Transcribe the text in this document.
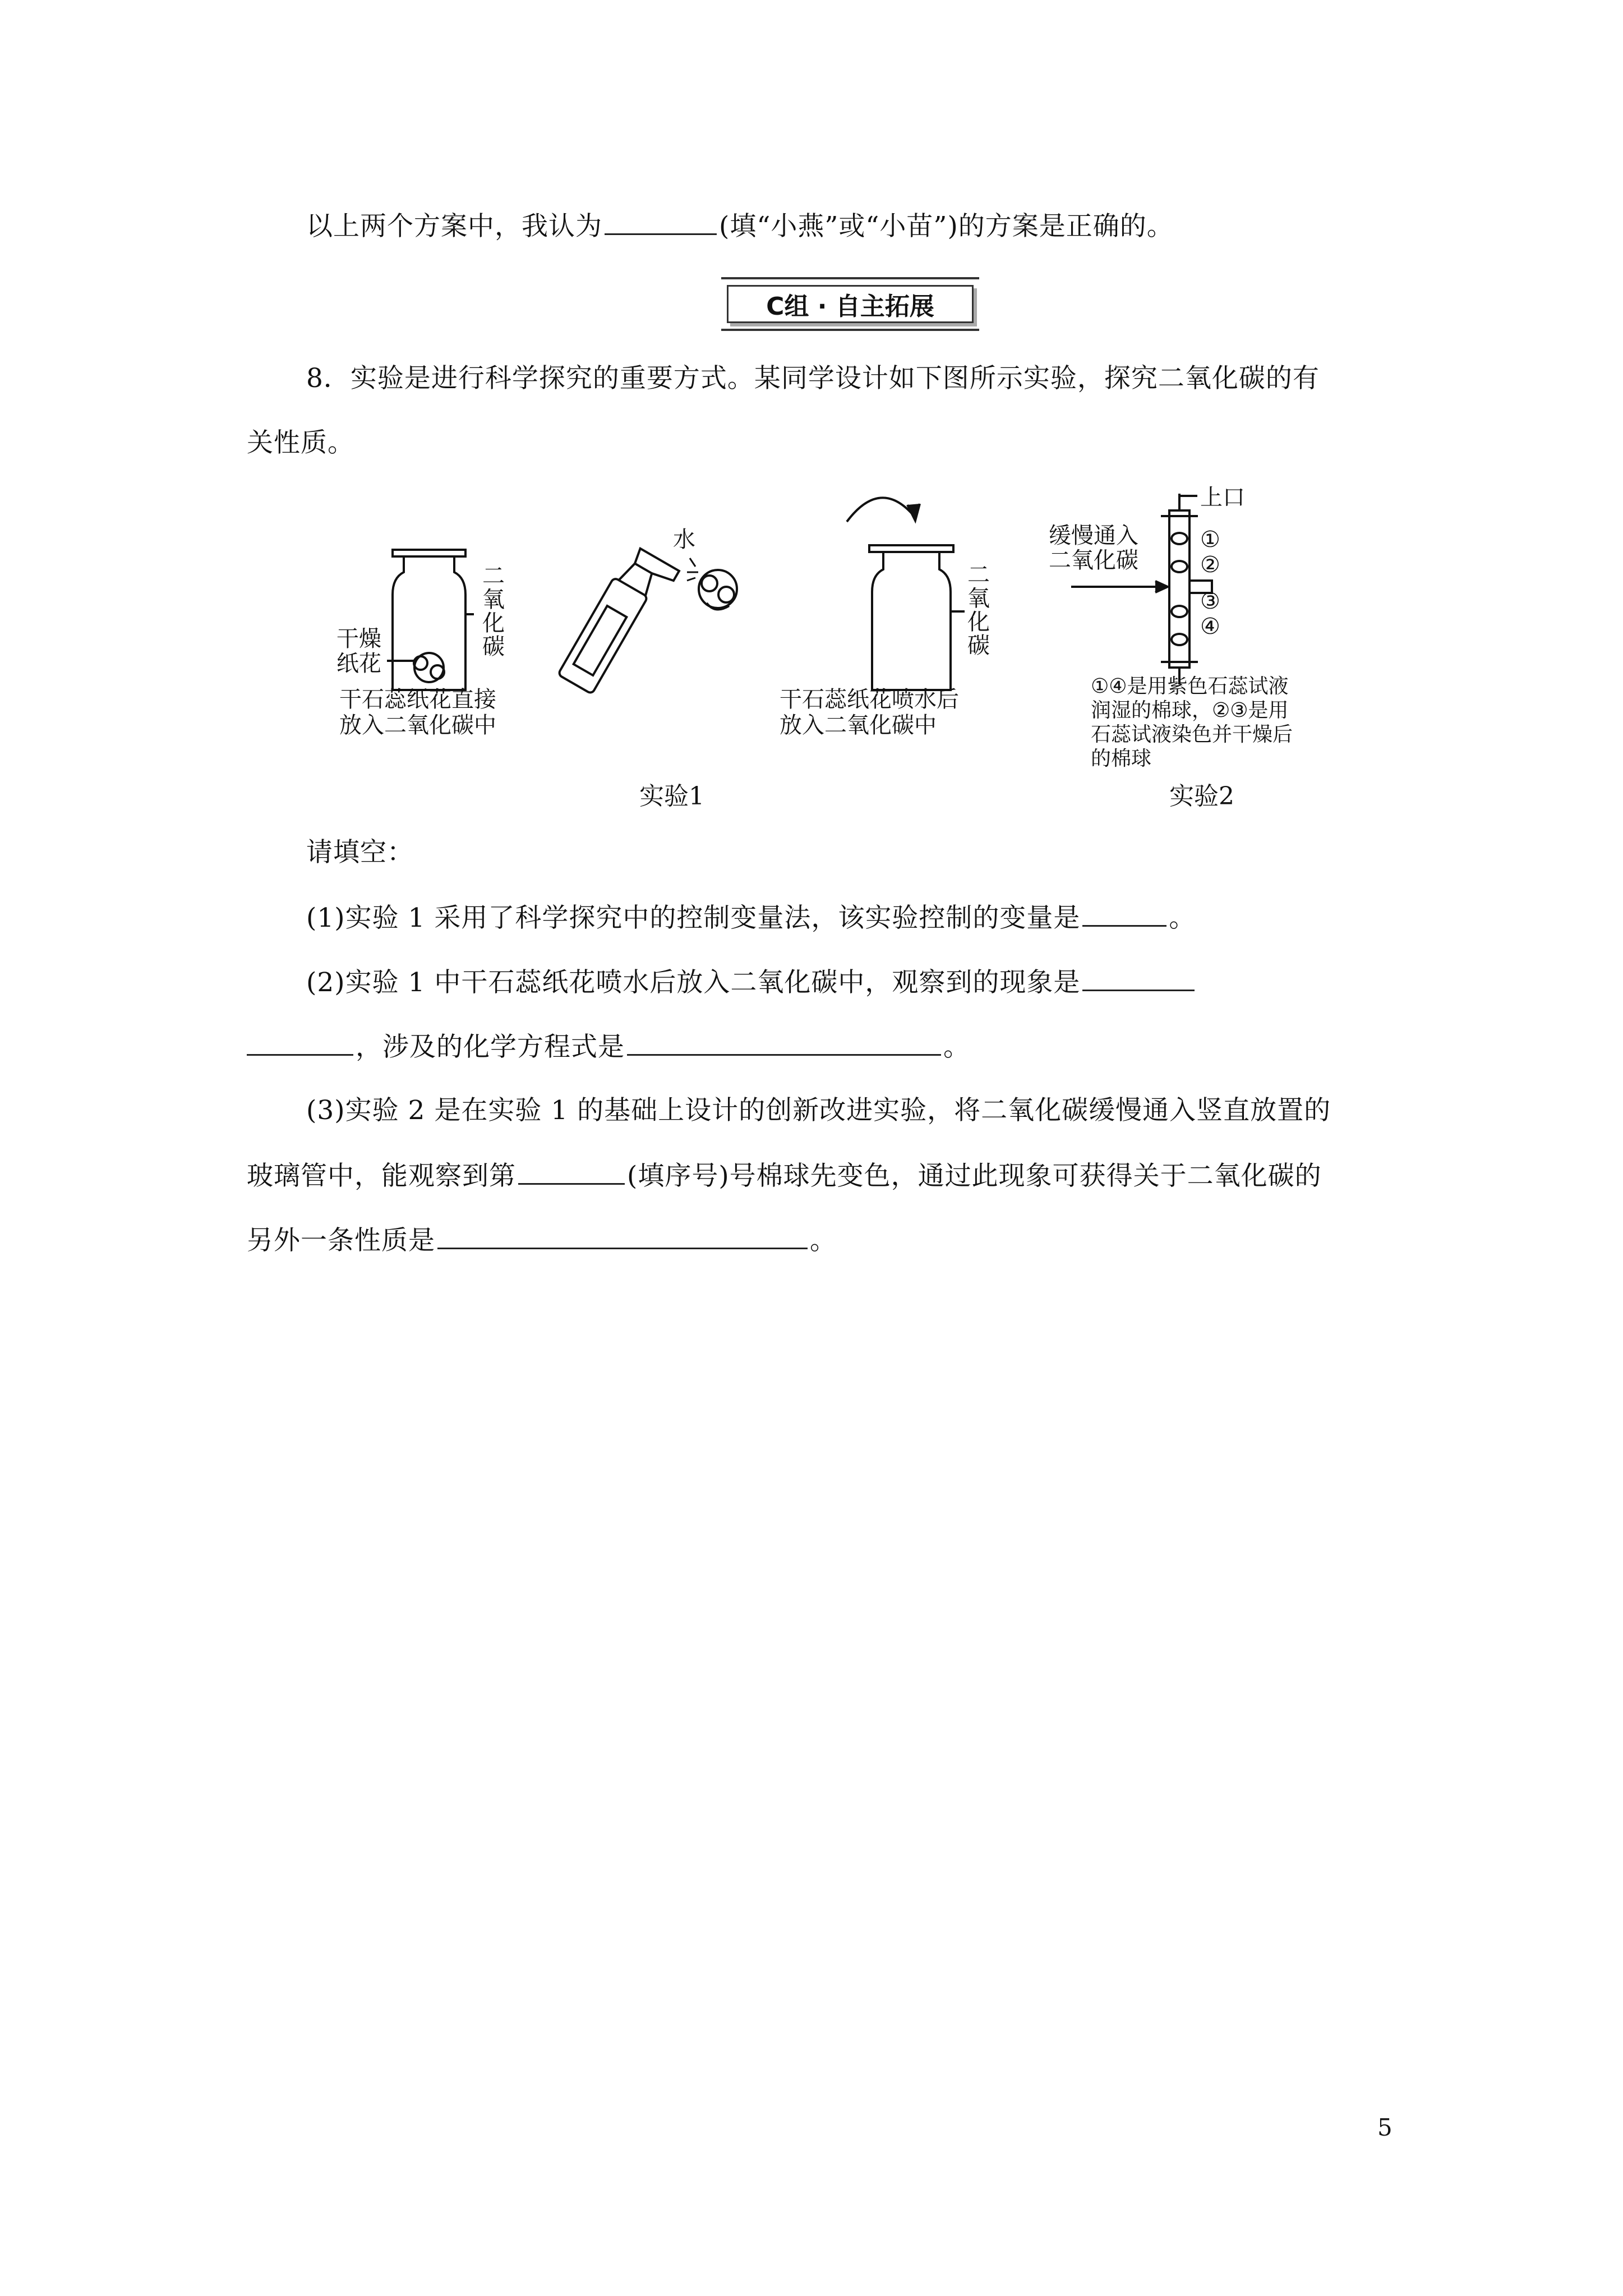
以上两个方案中，我认为	(填“小燕”或“小苗”)的方案是正确的。
C组 · 自主拓展
8．实验是进行科学探究的重要方式。某同学设计如下图所示实验，探究二氧化碳的有
关性质。
二
氧
化
碳
干燥
纸花
干石蕊纸花直接
放入二氧化碳中
水
二
氧
化
碳
干石蕊纸花喷水后
放入二氧化碳中
上口
缓慢通入
二氧化碳
①
②
③
④
①④是用紫色石蕊试液
润湿的棉球，②③是用
石蕊试液染色并干燥后
的棉球
实验1	实验2
请填空：
(1)实验 1 采用了科学探究中的控制变量法，该实验控制的变量是	。
(2)实验 1 中干石蕊纸花喷水后放入二氧化碳中，观察到的现象是
，涉及的化学方程式是	。
(3)实验 2 是在实验 1 的基础上设计的创新改进实验，将二氧化碳缓慢通入竖直放置的
玻璃管中，能观察到第	(填序号)号棉球先变色，通过此现象可获得关于二氧化碳的
另外一条性质是	。
5
